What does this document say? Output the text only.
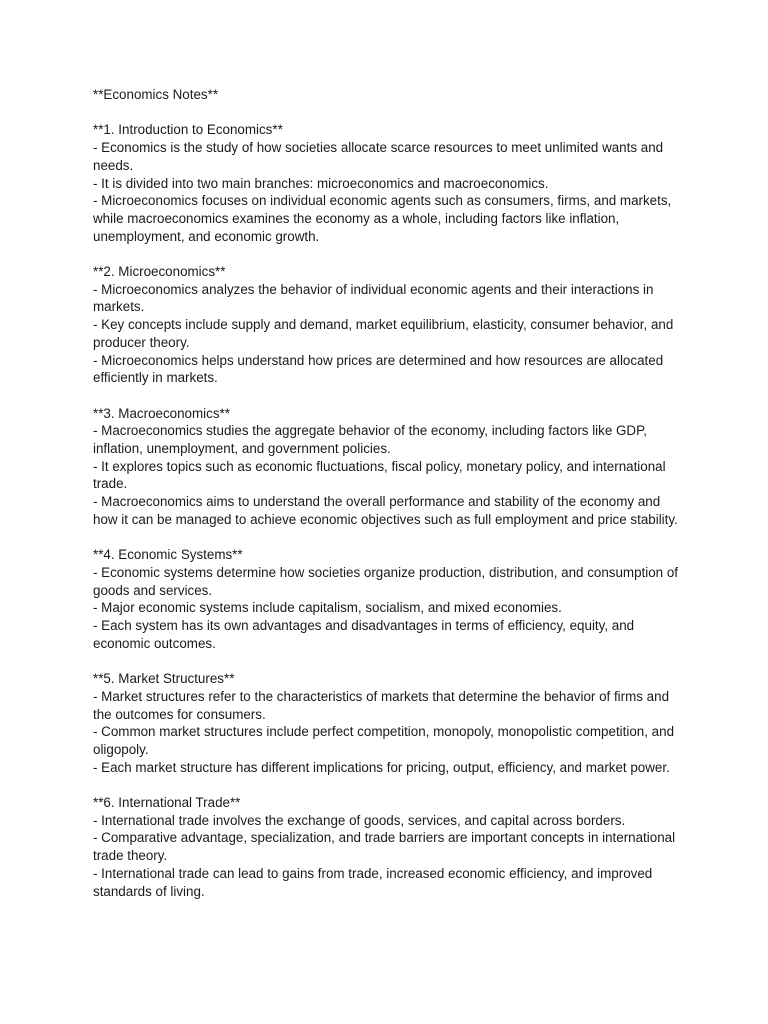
**Economics Notes**

**1. Introduction to Economics**

- Economics is the study of how societies allocate scarce resources to meet unlimited wants and needs.

- It is divided into two main branches: microeconomics and macroeconomics.

- Microeconomics focuses on individual economic agents such as consumers, firms, and markets, while macroeconomics examines the economy as a whole, including factors like inflation, unemployment, and economic growth.

**2. Microeconomics**

- Microeconomics analyzes the behavior of individual economic agents and their interactions in markets.

- Key concepts include supply and demand, market equilibrium, elasticity, consumer behavior, and producer theory.

- Microeconomics helps understand how prices are determined and how resources are allocated efficiently in markets.

**3. Macroeconomics**

- Macroeconomics studies the aggregate behavior of the economy, including factors like GDP, inflation, unemployment, and government policies.

- It explores topics such as economic fluctuations, fiscal policy, monetary policy, and international trade.

- Macroeconomics aims to understand the overall performance and stability of the economy and how it can be managed to achieve economic objectives such as full employment and price stability.

**4. Economic Systems**

- Economic systems determine how societies organize production, distribution, and consumption of goods and services.

- Major economic systems include capitalism, socialism, and mixed economies.

- Each system has its own advantages and disadvantages in terms of efficiency, equity, and economic outcomes.

**5. Market Structures**

- Market structures refer to the characteristics of markets that determine the behavior of firms and the outcomes for consumers.

- Common market structures include perfect competition, monopoly, monopolistic competition, and oligopoly.

- Each market structure has different implications for pricing, output, efficiency, and market power.

**6. International Trade**

- International trade involves the exchange of goods, services, and capital across borders.

- Comparative advantage, specialization, and trade barriers are important concepts in international trade theory.

- International trade can lead to gains from trade, increased economic efficiency, and improved standards of living.
